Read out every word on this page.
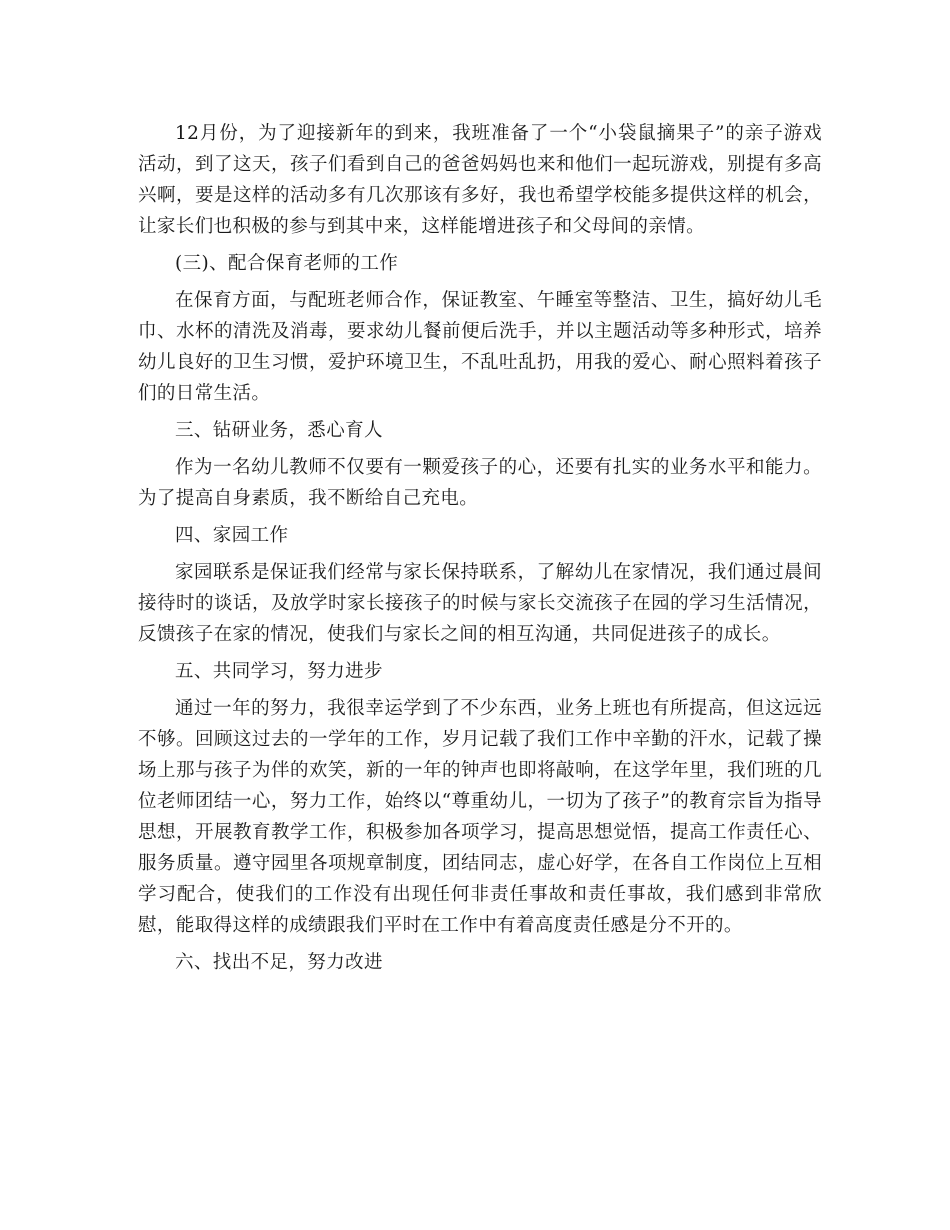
12月份，为了迎接新年的到来，我班准备了一个“小袋鼠摘果子”的亲子游戏活动，到了这天，孩子们看到自己的爸爸妈妈也来和他们一起玩游戏，别提有多高兴啊，要是这样的活动多有几次那该有多好，我也希望学校能多提供这样的机会，让家长们也积极的参与到其中来，这样能增进孩子和父母间的亲情。

(三)、配合保育老师的工作

在保育方面，与配班老师合作，保证教室、午睡室等整洁、卫生，搞好幼儿毛巾、水杯的清洗及消毒，要求幼儿餐前便后洗手，并以主题活动等多种形式，培养幼儿良好的卫生习惯，爱护环境卫生，不乱吐乱扔，用我的爱心、耐心照料着孩子们的日常生活。

三、钻研业务，悉心育人

作为一名幼儿教师不仅要有一颗爱孩子的心，还要有扎实的业务水平和能力。为了提高自身素质，我不断给自己充电。

四、家园工作

家园联系是保证我们经常与家长保持联系，了解幼儿在家情况，我们通过晨间接待时的谈话，及放学时家长接孩子的时候与家长交流孩子在园的学习生活情况，反馈孩子在家的情况，使我们与家长之间的相互沟通，共同促进孩子的成长。

五、共同学习，努力进步

通过一年的努力，我很幸运学到了不少东西，业务上班也有所提高，但这远远不够。回顾这过去的一学年的工作，岁月记载了我们工作中辛勤的汗水，记载了操场上那与孩子为伴的欢笑，新的一年的钟声也即将敲响，在这学年里，我们班的几位老师团结一心，努力工作，始终以“尊重幼儿，一切为了孩子”的教育宗旨为指导思想，开展教育教学工作，积极参加各项学习，提高思想觉悟，提高工作责任心、服务质量。遵守园里各项规章制度，团结同志，虚心好学，在各自工作岗位上互相学习配合，使我们的工作没有出现任何非责任事故和责任事故，我们感到非常欣慰，能取得这样的成绩跟我们平时在工作中有着高度责任感是分不开的。

六、找出不足，努力改进
